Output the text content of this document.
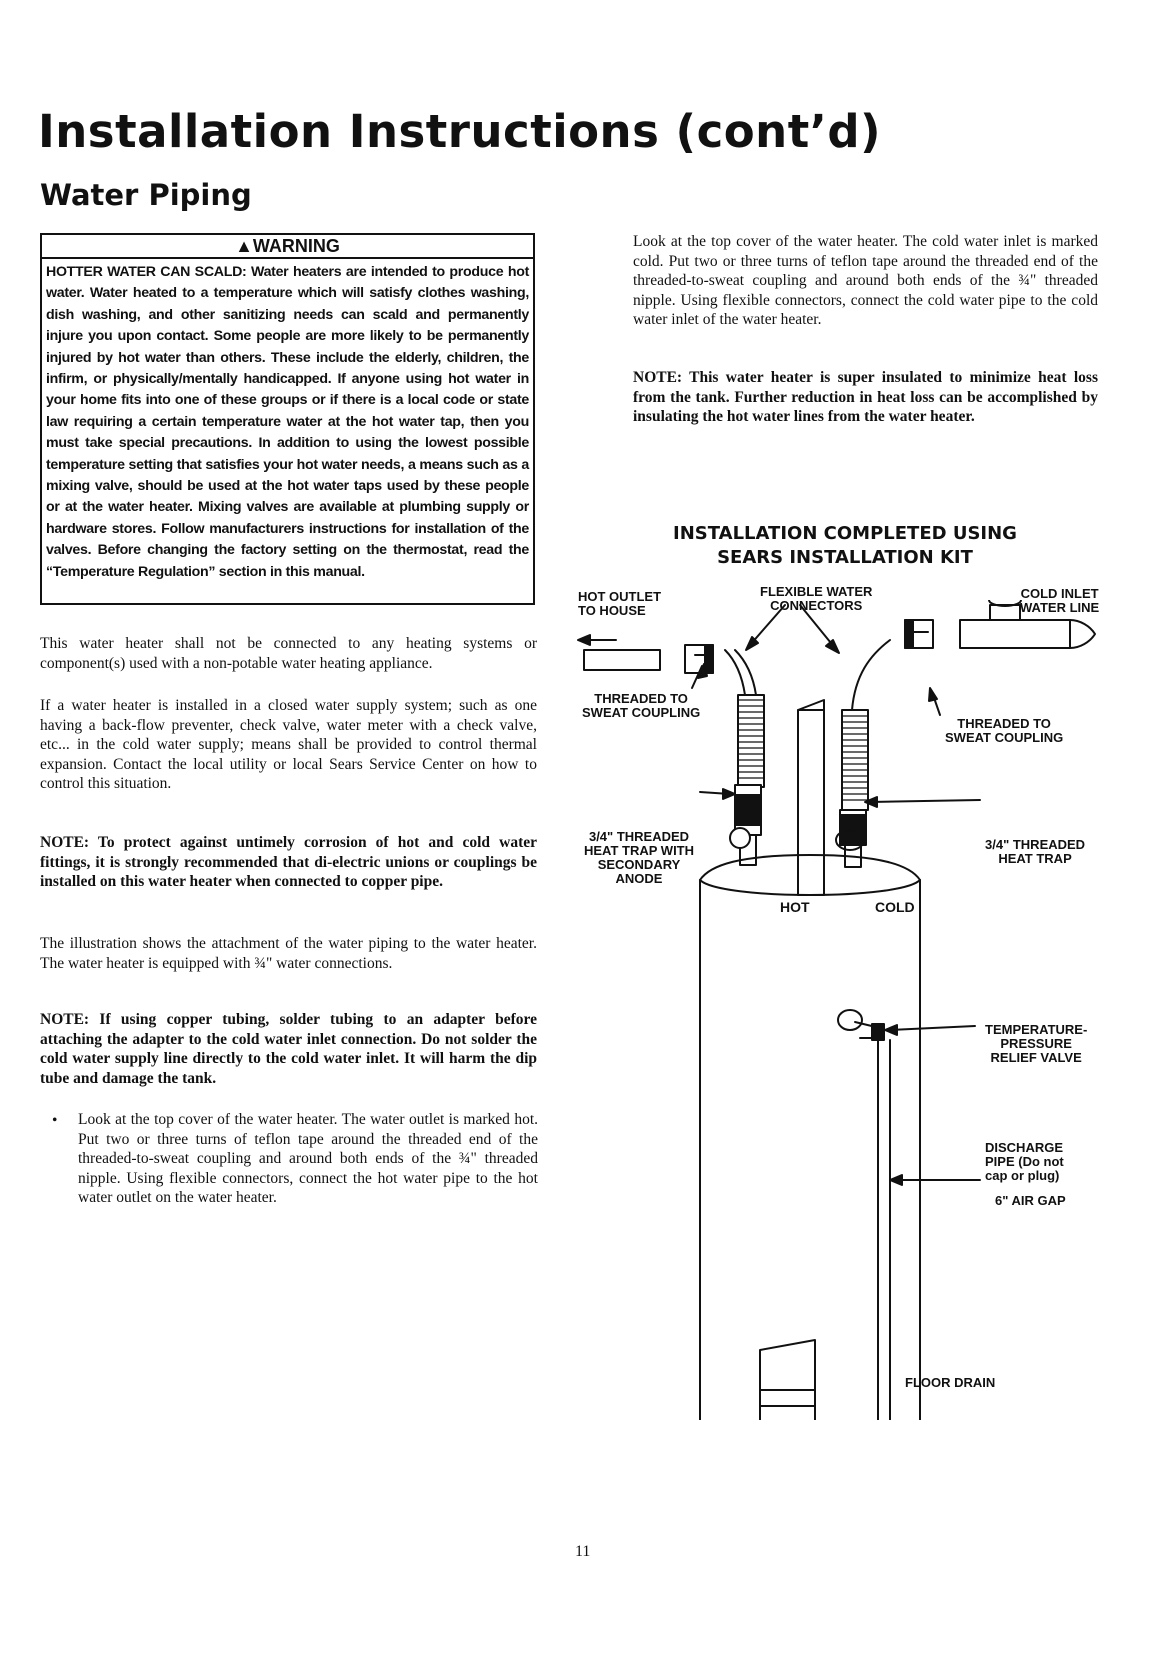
Installation Instructions (cont’d)
Water Piping
▲WARNING
HOTTER WATER CAN SCALD: Water heaters are intended to produce hot water. Water heated to a temperature which will satisfy clothes washing, dish washing, and other sanitizing needs can scald and permanently injure you upon contact. Some people are more likely to be permanently injured by hot water than others. These include the elderly, children, the infirm, or physically/mentally handicapped. If anyone using hot water in your home fits into one of these groups or if there is a local code or state law requiring a certain temperature water at the hot water tap, then you must take special precautions. In addition to using the lowest possible temperature setting that satisfies your hot water needs, a means such as a mixing valve, should be used at the hot water taps used by these people or at the water heater. Mixing valves are available at plumbing supply or hardware stores. Follow manufacturers instructions for installation of the valves. Before changing the factory setting on the thermostat, read the “Temperature Regulation” section in this manual.

This water heater shall not be connected to any heating systems or component(s) used with a non-potable water heating appliance.

If a water heater is installed in a closed water supply system; such as one having a back-flow preventer, check valve, water meter with a check valve, etc... in the cold water supply; means shall be provided to control thermal expansion. Contact the local utility or local Sears Service Center on how to control this situation.

NOTE: To protect against untimely corrosion of hot and cold water fittings, it is strongly recommended that di-electric unions or couplings be installed on this water heater when connected to copper pipe.

The illustration shows the attachment of the water piping to the water heater. The water heater is equipped with ¾" water connections.

NOTE: If using copper tubing, solder tubing to an adapter before attaching the adapter to the cold water inlet connection. Do not solder the cold water supply line directly to the cold water inlet. It will harm the dip tube and damage the tank.

• Look at the top cover of the water heater. The water outlet is marked hot. Put two or three turns of teflon tape around the threaded end of the threaded-to-sweat coupling and around both ends of the ¾" threaded nipple. Using flexible connectors, connect the hot water pipe to the hot water outlet on the water heater.

Look at the top cover of the water heater. The cold water inlet is marked cold. Put two or three turns of teflon tape around the threaded end of the threaded-to-sweat coupling and around both ends of the ¾" threaded nipple. Using flexible connectors, connect the cold water pipe to the cold water inlet of the water heater.

NOTE: This water heater is super insulated to minimize heat loss from the tank. Further reduction in heat loss can be accomplished by insulating the hot water lines from the water heater.

INSTALLATION COMPLETED USING
SEARS INSTALLATION KIT

HOT OUTLET
TO HOUSE

FLEXIBLE WATER
CONNECTORS

COLD INLET
WATER LINE

THREADED TO
SWEAT COUPLING

THREADED TO
SWEAT COUPLING

3/4" THREADED
HEAT TRAP WITH
SECONDARY
ANODE

3/4" THREADED
HEAT TRAP

TEMPERATURE-
PRESSURE
RELIEF VALVE

DISCHARGE
PIPE (Do not
cap or plug)

6" AIR GAP

FLOOR DRAIN

HOT	COLD

11
